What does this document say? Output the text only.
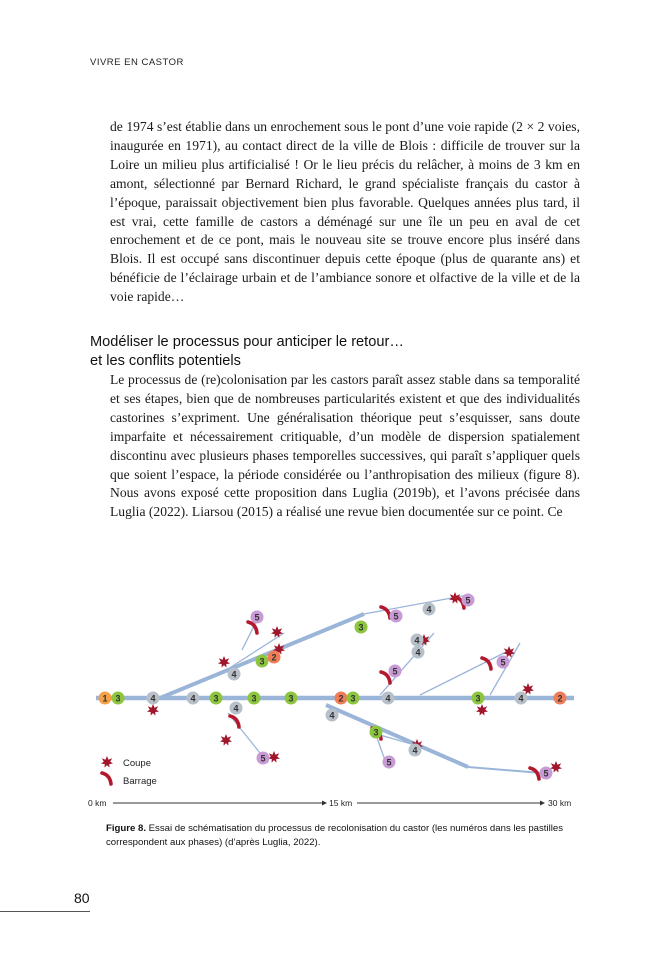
VIVRE EN CASTOR

de 1974 s’est établie dans un enrochement sous le pont d’une voie rapide (2 × 2 voies, inaugurée en 1971), au contact direct de la ville de Blois : difficile de trouver sur la Loire un milieu plus artificialisé ! Or le lieu précis du relâcher, à moins de 3 km en amont, sélectionné par Bernard Richard, le grand spécialiste français du castor à l’époque, paraissait objectivement bien plus favorable. Quelques années plus tard, il est vrai, cette famille de castors a déménagé sur une île un peu en aval de cet enrochement et de ce pont, mais le nouveau site se trouve encore plus inséré dans Blois. Il est occupé sans discontinuer depuis cette époque (plus de quarante ans) et bénéficie de l’éclairage urbain et de l’ambiance sonore et olfactive de la ville et de la voie rapide…

Modéliser le processus pour anticiper le retour…
et les conflits potentiels

Le processus de (re)colonisation par les castors paraît assez stable dans sa temporalité et ses étapes, bien que de nombreuses particularités existent et que des individualités castorines s’expriment. Une généralisation théorique peut s’esquisser, sans doute imparfaite et nécessairement critiquable, d’un modèle de dispersion spatialement discontinu avec plusieurs phases temporelles successives, qui paraît s’appliquer quels que soient l’espace, la période considérée ou l’anthropisation des milieux (figure 8). Nous avons exposé cette proposition dans Luglia (2019b), et l’avons précisée dans Luglia (2022). Liarsou (2015) a réalisé une revue bien documentée sur ce point. Ce

1 3	4	4 3	3	3	2 3	4	3	4	2
4
3 2
5
3
5
4
5
4
5
5
4
5
4
3
4
5
5
4
Coupe
Barrage
0 km	15 km	30 km

Figure 8. Essai de schématisation du processus de recolonisation du castor (les numéros dans les pastilles correspondent aux phases) (d’après Luglia, 2022).

80
